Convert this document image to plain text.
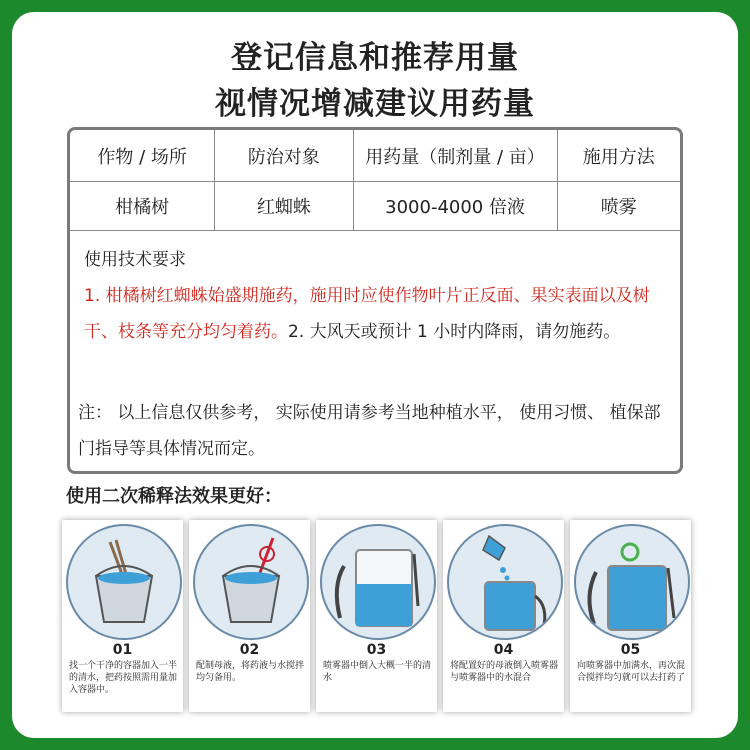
登记信息和推荐用量
视情况增减建议用药量
作物 / 场所	防治对象	用药量（制剂量 / 亩）	施用方法
柑橘树	红蜘蛛	3000-4000 倍液	喷雾
使用技术要求
1. 柑橘树红蜘蛛始盛期施药，施用时应使作物叶片正反面、果实表面以及树干、枝条等充分均匀着药。2. 大风天或预计 1 小时内降雨，请勿施药。
注： 以上信息仅供参考， 实际使用请参考当地种植水平， 使用习惯、 植保部门指导等具体情况而定。
使用二次稀释法效果更好：
01
找一个干净的容器加入一半的清水，把药按照需用量加入容器中。
02
配制母液，将药液与水搅拌均匀备用。
03
喷雾器中倒入大概一半的清水
04
将配置好的母液倒入喷雾器与喷雾器中的水混合
05
向喷雾器中加满水，再次混合搅拌均匀就可以去打药了
